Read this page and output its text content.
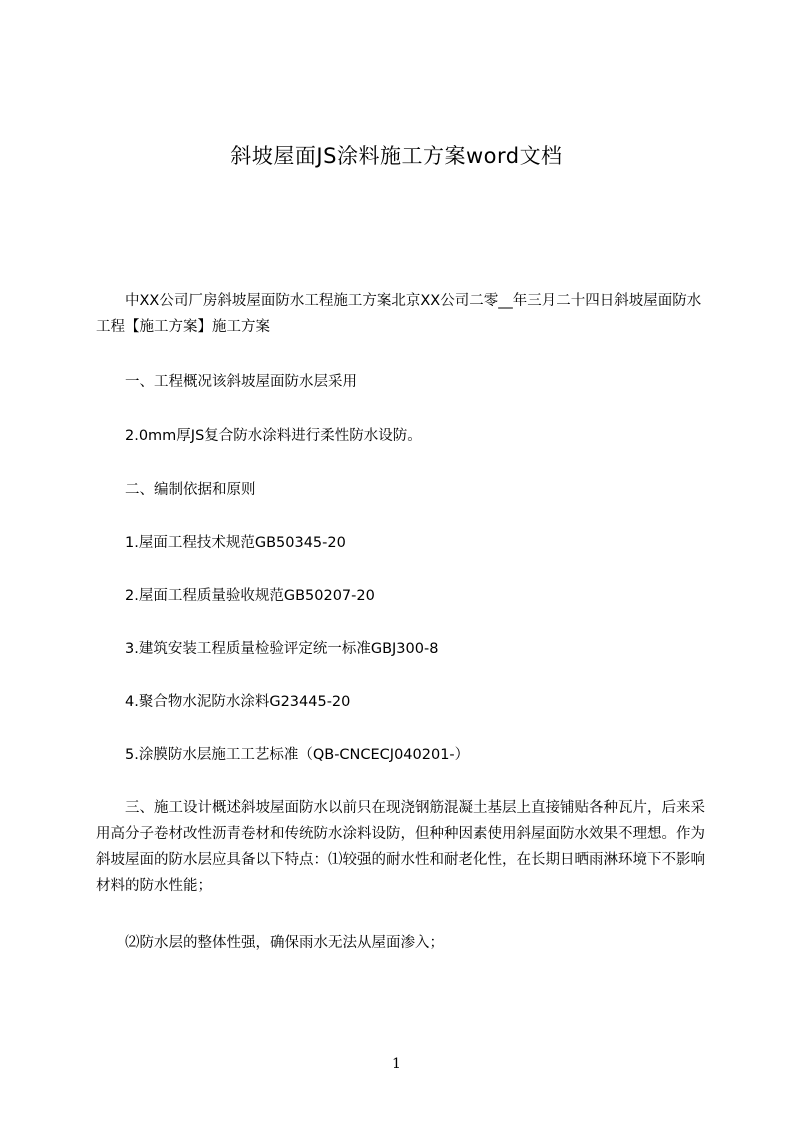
斜坡屋面JS涂料施工方案word文档

　　中XX公司厂房斜坡屋面防水工程施工方案北京XX公司二零__年三月二十四日斜坡屋面防水工程【施工方案】施工方案

　　一、工程概况该斜坡屋面防水层采用

　　2.0mm厚JS复合防水涂料进行柔性防水设防。

　　二、编制依据和原则

　　1.屋面工程技术规范GB50345-20

　　2.屋面工程质量验收规范GB50207-20

　　3.建筑安装工程质量检验评定统一标准GBJ300-8

　　4.聚合物水泥防水涂料G23445-20

　　5.涂膜防水层施工工艺标准（QB-CNCECJ040201-）

　　三、施工设计概述斜坡屋面防水以前只在现浇钢筋混凝土基层上直接铺贴各种瓦片，后来采用高分子卷材改性沥青卷材和传统防水涂料设防，但种种因素使用斜屋面防水效果不理想。作为斜坡屋面的防水层应具备以下特点：⑴较强的耐水性和耐老化性，在长期日晒雨淋环境下不影响材料的防水性能；

　　⑵防水层的整体性强，确保雨水无法从屋面渗入；

1
